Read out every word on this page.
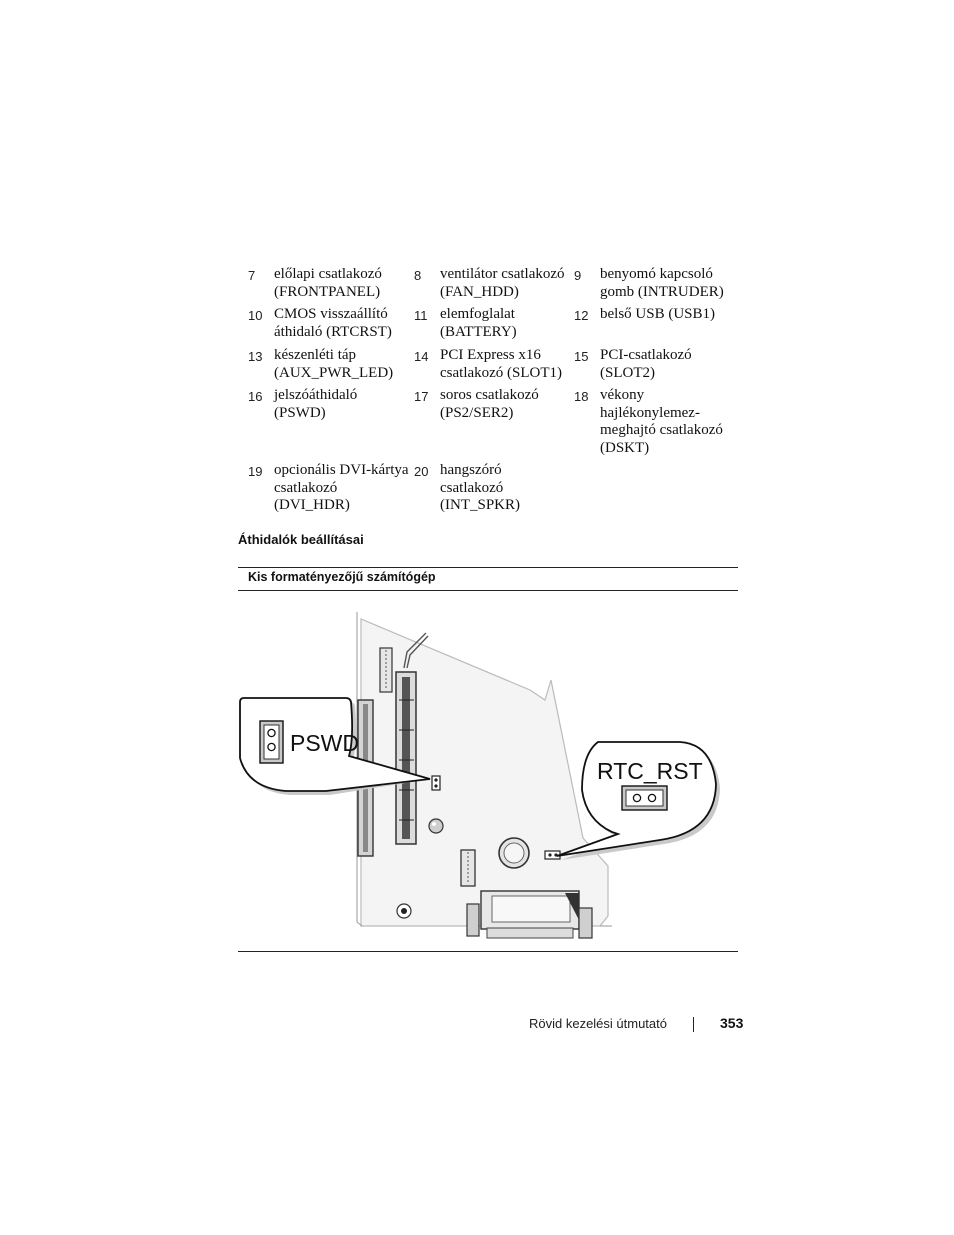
7 előlapi csatlakozó
(FRONTPANEL)
8 ventilátor csatlakozó
(FAN_HDD)
9 benyomó kapcsoló
gomb (INTRUDER)
10 CMOS visszaállító
áthidaló (RTCRST)
11 elemfoglalat
(BATTERY)
12 belső USB (USB1)
13 készenléti táp
(AUX_PWR_LED)
14 PCI Express x16
csatlakozó (SLOT1)
15 PCI-csatlakozó
(SLOT2)
16 jelszóáthidaló
(PSWD)
17 soros csatlakozó
(PS2/SER2)
18 vékony
hajlékonylemez-
meghajtó csatlakozó
(DSKT)
19 opcionális DVI-kártya
csatlakozó
(DVI_HDR)
20 hangszóró
csatlakozó
(INT_SPKR)
Áthidalók beállításai
Kis formatényezőjű számítógép
PSWD
RTC_RST
Rövid kezelési útmutató	353
